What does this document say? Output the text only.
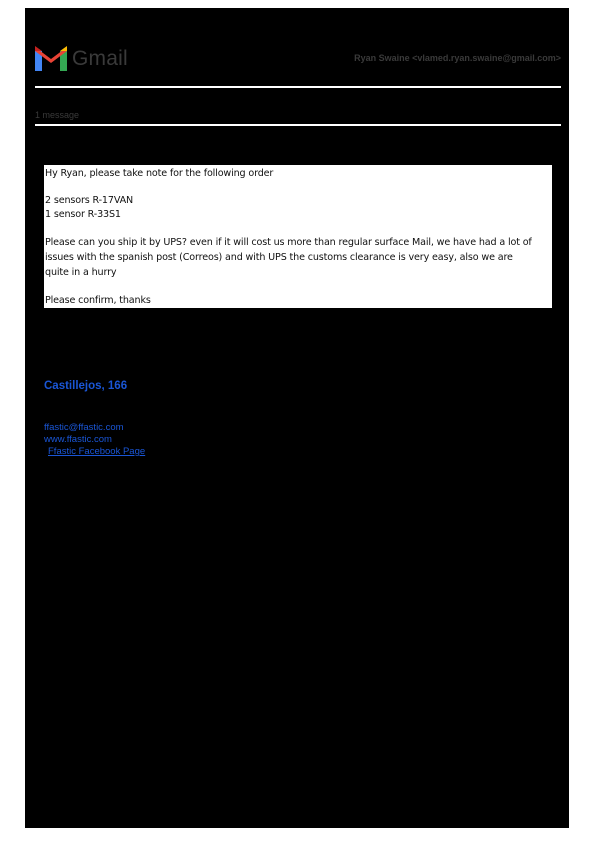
Gmail	Ryan Swaine <vlamed.ryan.swaine@gmail.com>
1 message
Hy Ryan, please take note for the following order
2 sensors R-17VAN
1 sensor R-33S1
Please can you ship it by UPS? even if it will cost us more than regular surface Mail, we have had a lot of
issues with the spanish post (Correos) and with UPS the customs clearance is very easy, also we are
quite in a hurry
Please confirm, thanks
Castillejos, 166
ffastic@ffastic.com
www.ffastic.com
Ffastic Facebook Page
